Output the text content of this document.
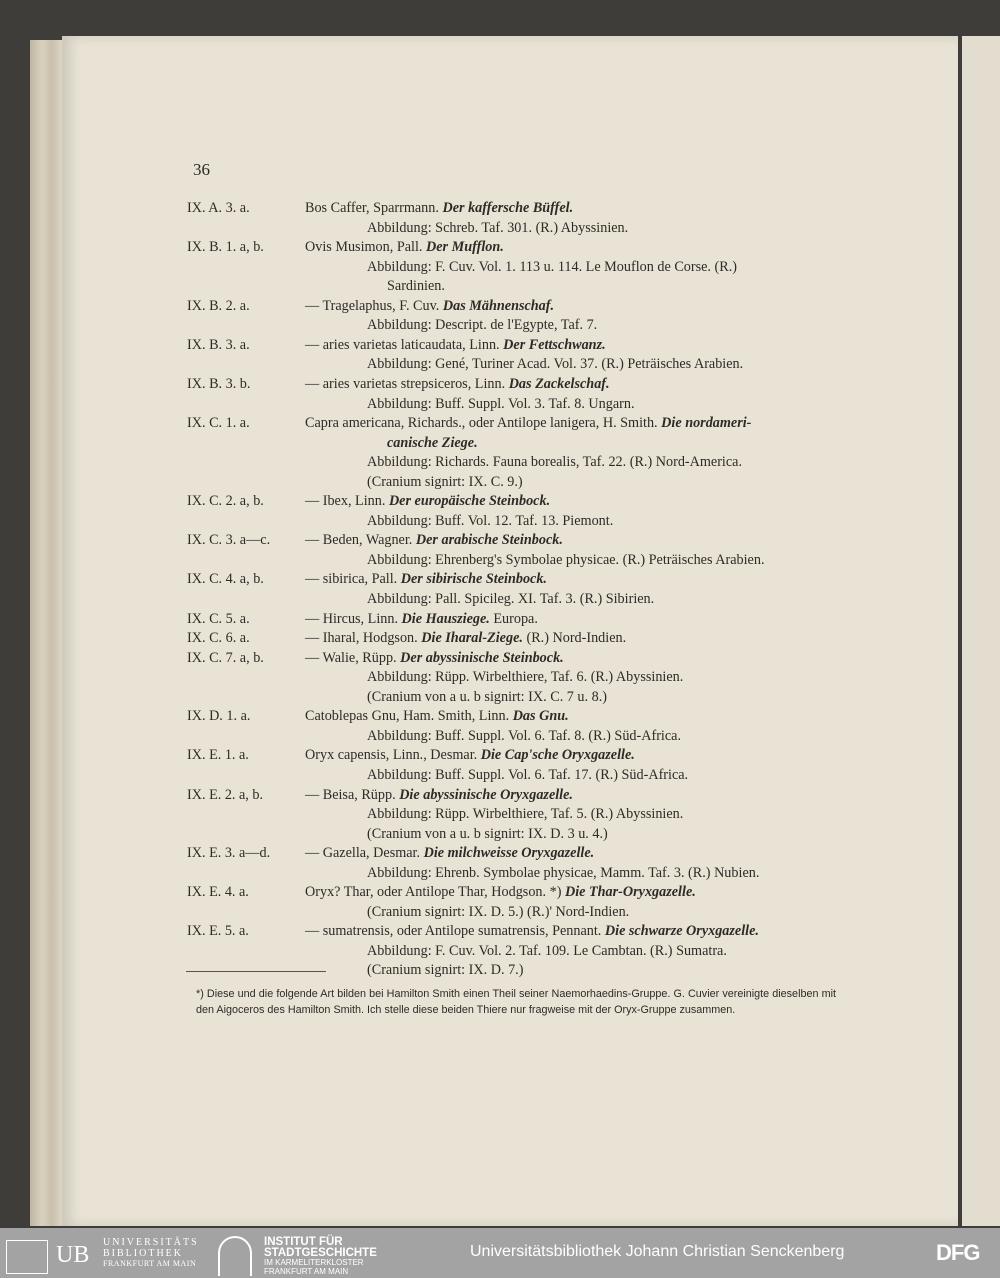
36
IX. A. 3. a.	Bos Caffer, Sparrmann. Der kaffersche Büffel.
Abbildung: Schreb. Taf. 301. (R.) Abyssinien.
IX. B. 1. a, b.	Ovis Musimon, Pall. Der Mufflon.
Abbildung: F. Cuv. Vol. 1. 113 u. 114. Le Mouflon de Corse. (R.)
Sardinien.
IX. B. 2. a.	— Tragelaphus, F. Cuv. Das Mähnenschaf.
Abbildung: Descript. de l'Egypte, Taf. 7.
IX. B. 3. a.	— aries varietas laticaudata, Linn. Der Fettschwanz.
Abbildung: Gené, Turiner Acad. Vol. 37. (R.) Peträisches Arabien.
IX. B. 3. b.	— aries varietas strepsiceros, Linn. Das Zackelschaf.
Abbildung: Buff. Suppl. Vol. 3. Taf. 8. Ungarn.
IX. C. 1. a.	Capra americana, Richards., oder Antilope lanigera, H. Smith. Die nordameri-
canische Ziege.
Abbildung: Richards. Fauna borealis, Taf. 22. (R.) Nord-America.
(Cranium signirt: IX. C. 9.)
IX. C. 2. a, b.	— Ibex, Linn. Der europäische Steinbock.
Abbildung: Buff. Vol. 12. Taf. 13. Piemont.
IX. C. 3. a—c. — Beden, Wagner. Der arabische Steinbock.
Abbildung: Ehrenberg's Symbolae physicae. (R.) Peträisches Arabien.
IX. C. 4. a, b.	— sibirica, Pall. Der sibirische Steinbock.
Abbildung: Pall. Spicileg. XI. Taf. 3. (R.) Sibirien.
IX. C. 5. a.	— Hircus, Linn. Die Hausziege. Europa.
IX. C. 6. a.	— Iharal, Hodgson. Die Iharal-Ziege. (R.) Nord-Indien.
IX. C. 7. a, b.	— Walie, Rüpp. Der abyssinische Steinbock.
Abbildung: Rüpp. Wirbelthiere, Taf. 6. (R.) Abyssinien.
(Cranium von a u. b signirt: IX. C. 7 u. 8.)
IX. D. 1. a.	Catoblepas Gnu, Ham. Smith, Linn. Das Gnu.
Abbildung: Buff. Suppl. Vol. 6. Taf. 8. (R.) Süd-Africa.
IX. E. 1. a.	Oryx capensis, Linn., Desmar. Die Cap'sche Oryxgazelle.
Abbildung: Buff. Suppl. Vol. 6. Taf. 17. (R.) Süd-Africa.
IX. E. 2. a, b.	— Beisa, Rüpp. Die abyssinische Oryxgazelle.
Abbildung: Rüpp. Wirbelthiere, Taf. 5. (R.) Abyssinien.
(Cranium von a u. b signirt: IX. D. 3 u. 4.)
IX. E. 3. a—d. — Gazella, Desmar. Die milchweisse Oryxgazelle.
Abbildung: Ehrenb. Symbolae physicae, Mamm. Taf. 3. (R.) Nubien.
IX. E. 4. a.	Oryx? Thar, oder Antilope Thar, Hodgson. *) Die Thar-Oryxgazelle.
(Cranium signirt: IX. D. 5.) (R.)' Nord-Indien.
IX. E. 5. a.	— sumatrensis, oder Antilope sumatrensis, Pennant. Die schwarze Oryxgazelle.
Abbildung: F. Cuv. Vol. 2. Taf. 109. Le Cambtan. (R.) Sumatra.
(Cranium signirt: IX. D. 7.)
*) Diese und die folgende Art bilden bei Hamilton Smith einen Theil seiner Naemorhaedins-Gruppe. G. Cuvier vereinigte dieselben mit den Aigoceros des Hamilton Smith. Ich stelle diese beiden Thiere nur fragweise mit der Oryx-Gruppe zusammen.
UB UNIVERSITÄTS
BIBLIOTHEK
FRANKFURT AM MAIN
INSTITUT FÜR
STADTGESCHICHTE
IM KARMELITERKLOSTER
FRANKFURT AM MAIN
Universitätsbibliothek Johann Christian Senckenberg	DFG
